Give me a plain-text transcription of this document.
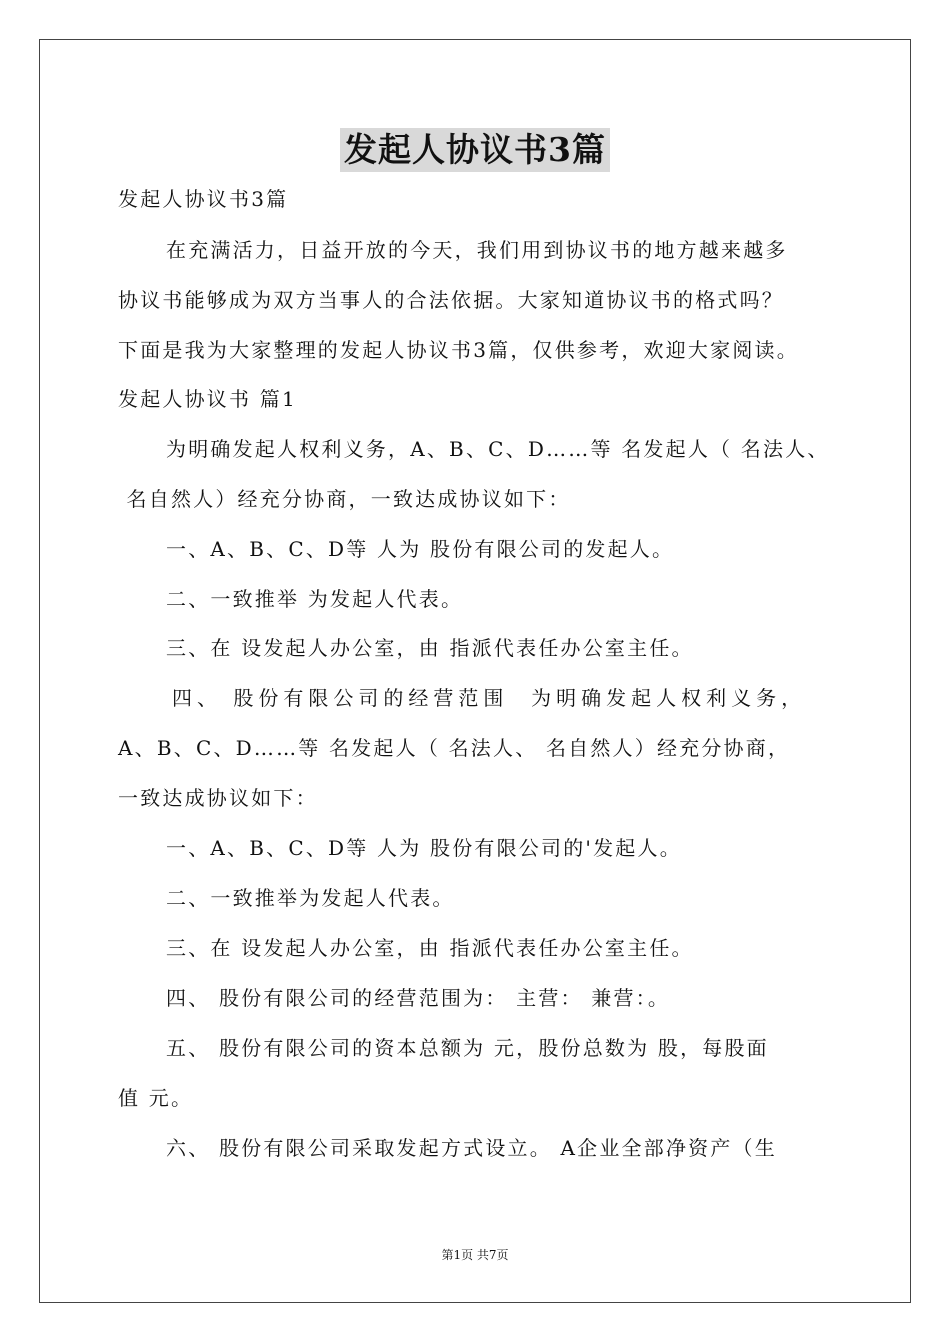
发起人协议书3篇
发起人协议书3篇
在充满活力，日益开放的今天，我们用到协议书的地方越来越多
协议书能够成为双方当事人的合法依据。大家知道协议书的格式吗？
下面是我为大家整理的发起人协议书3篇，仅供参考，欢迎大家阅读。
发起人协议书 篇1
为明确发起人权利义务，A、B、C、D……等 名发起人（ 名法人、
名自然人）经充分协商，一致达成协议如下：
一、A、B、C、D等 人为 股份有限公司的发起人。
二、一致推举 为发起人代表。
三、在 设发起人办公室，由 指派代表任办公室主任。
四、 股份有限公司的经营范围  为明确发起人权利义务，
A、B、C、D……等 名发起人（ 名法人、 名自然人）经充分协商，
一致达成协议如下：
一、A、B、C、D等 人为 股份有限公司的'发起人。
二、一致推举为发起人代表。
三、在 设发起人办公室，由 指派代表任办公室主任。
四、 股份有限公司的经营范围为： 主营： 兼营：。
五、 股份有限公司的资本总额为 元，股份总数为 股，每股面
值 元。
六、 股份有限公司采取发起方式设立。 A企业全部净资产（生
第1页 共7页
